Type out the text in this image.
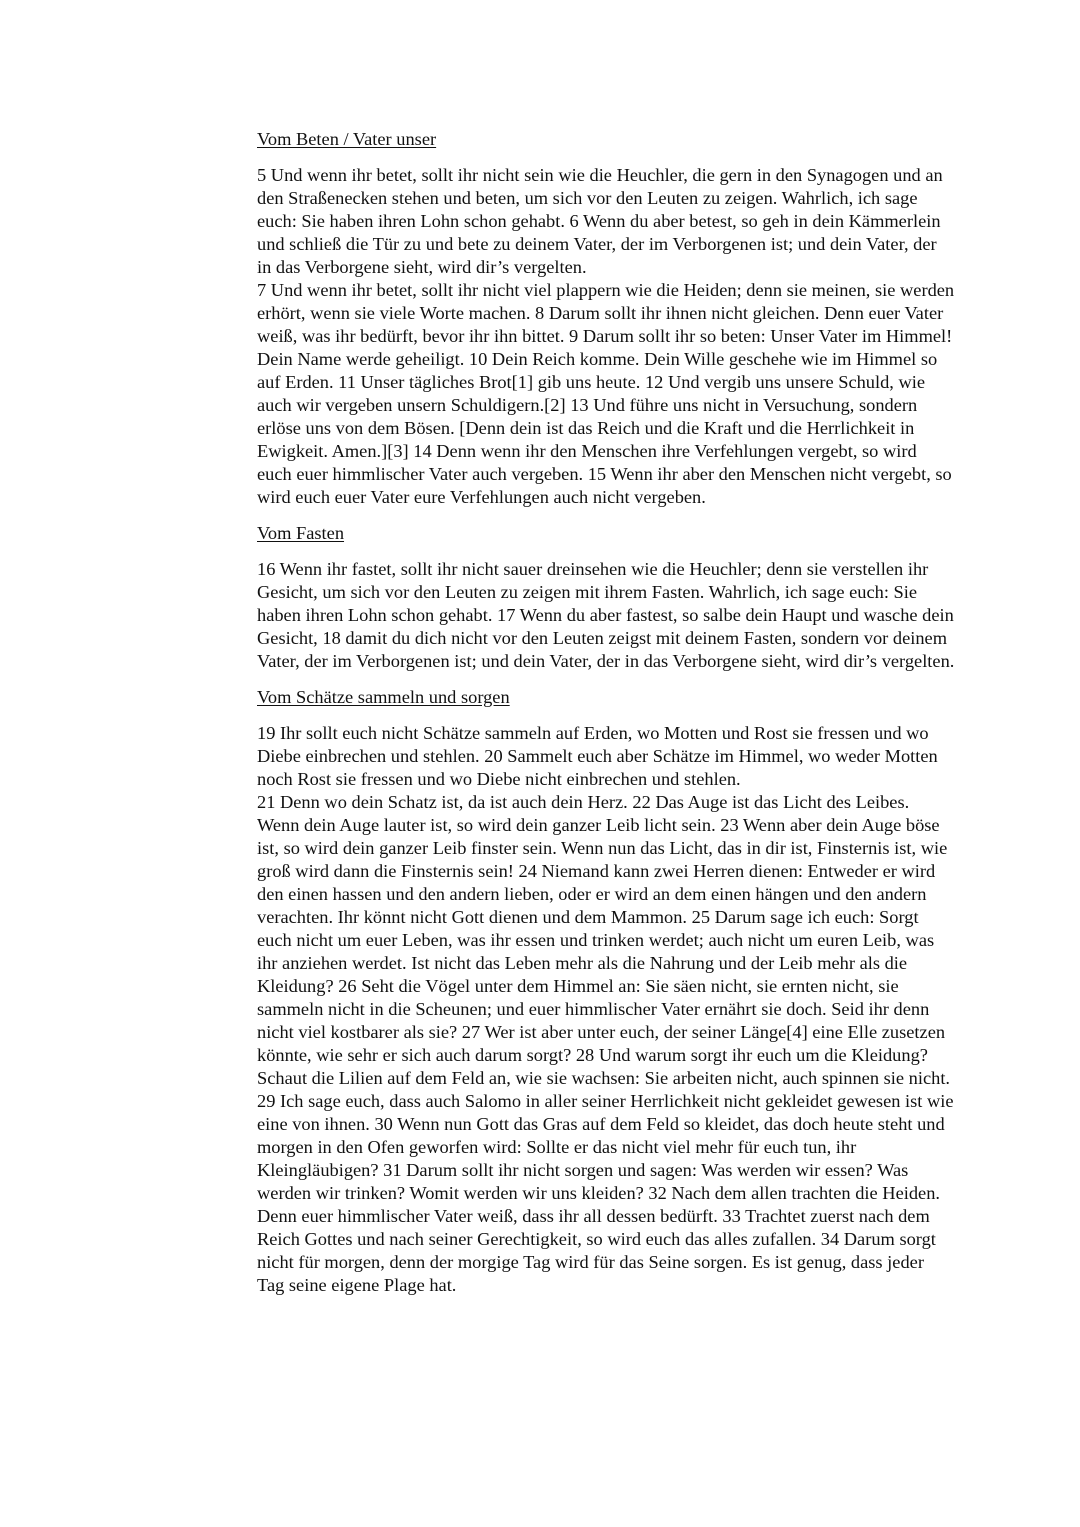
Vom Beten / Vater unser
5 Und wenn ihr betet, sollt ihr nicht sein wie die Heuchler, die gern in den Synagogen und an den Straßenecken stehen und beten, um sich vor den Leuten zu zeigen. Wahrlich, ich sage euch: Sie haben ihren Lohn schon gehabt. 6 Wenn du aber betest, so geh in dein Kämmerlein und schließ die Tür zu und bete zu deinem Vater, der im Verborgenen ist; und dein Vater, der in das Verborgene sieht, wird dir’s vergelten.
7 Und wenn ihr betet, sollt ihr nicht viel plappern wie die Heiden; denn sie meinen, sie werden erhört, wenn sie viele Worte machen. 8 Darum sollt ihr ihnen nicht gleichen. Denn euer Vater weiß, was ihr bedürft, bevor ihr ihn bittet. 9 Darum sollt ihr so beten: Unser Vater im Himmel! Dein Name werde geheiligt. 10 Dein Reich komme. Dein Wille geschehe wie im Himmel so auf Erden. 11 Unser tägliches Brot[1] gib uns heute. 12 Und vergib uns unsere Schuld, wie auch wir vergeben unsern Schuldigern.[2] 13 Und führe uns nicht in Versuchung, sondern erlöse uns von dem Bösen. [Denn dein ist das Reich und die Kraft und die Herrlichkeit in Ewigkeit. Amen.][3] 14 Denn wenn ihr den Menschen ihre Verfehlungen vergebt, so wird euch euer himmlischer Vater auch vergeben. 15 Wenn ihr aber den Menschen nicht vergebt, so wird euch euer Vater eure Verfehlungen auch nicht vergeben.
Vom Fasten
16 Wenn ihr fastet, sollt ihr nicht sauer dreinsehen wie die Heuchler; denn sie verstellen ihr Gesicht, um sich vor den Leuten zu zeigen mit ihrem Fasten. Wahrlich, ich sage euch: Sie haben ihren Lohn schon gehabt. 17 Wenn du aber fastest, so salbe dein Haupt und wasche dein Gesicht, 18 damit du dich nicht vor den Leuten zeigst mit deinem Fasten, sondern vor deinem Vater, der im Verborgenen ist; und dein Vater, der in das Verborgene sieht, wird dir’s vergelten.
Vom Schätze sammeln und sorgen
19 Ihr sollt euch nicht Schätze sammeln auf Erden, wo Motten und Rost sie fressen und wo Diebe einbrechen und stehlen. 20 Sammelt euch aber Schätze im Himmel, wo weder Motten noch Rost sie fressen und wo Diebe nicht einbrechen und stehlen.
21 Denn wo dein Schatz ist, da ist auch dein Herz. 22 Das Auge ist das Licht des Leibes. Wenn dein Auge lauter ist, so wird dein ganzer Leib licht sein. 23 Wenn aber dein Auge böse ist, so wird dein ganzer Leib finster sein. Wenn nun das Licht, das in dir ist, Finsternis ist, wie groß wird dann die Finsternis sein! 24 Niemand kann zwei Herren dienen: Entweder er wird den einen hassen und den andern lieben, oder er wird an dem einen hängen und den andern verachten. Ihr könnt nicht Gott dienen und dem Mammon. 25 Darum sage ich euch: Sorgt euch nicht um euer Leben, was ihr essen und trinken werdet; auch nicht um euren Leib, was ihr anziehen werdet. Ist nicht das Leben mehr als die Nahrung und der Leib mehr als die Kleidung? 26 Seht die Vögel unter dem Himmel an: Sie säen nicht, sie ernten nicht, sie sammeln nicht in die Scheunen; und euer himmlischer Vater ernährt sie doch. Seid ihr denn nicht viel kostbarer als sie? 27 Wer ist aber unter euch, der seiner Länge[4] eine Elle zusetzen könnte, wie sehr er sich auch darum sorgt? 28 Und warum sorgt ihr euch um die Kleidung? Schaut die Lilien auf dem Feld an, wie sie wachsen: Sie arbeiten nicht, auch spinnen sie nicht. 29 Ich sage euch, dass auch Salomo in aller seiner Herrlichkeit nicht gekleidet gewesen ist wie eine von ihnen. 30 Wenn nun Gott das Gras auf dem Feld so kleidet, das doch heute steht und morgen in den Ofen geworfen wird: Sollte er das nicht viel mehr für euch tun, ihr Kleingläubigen? 31 Darum sollt ihr nicht sorgen und sagen: Was werden wir essen? Was werden wir trinken? Womit werden wir uns kleiden? 32 Nach dem allen trachten die Heiden. Denn euer himmlischer Vater weiß, dass ihr all dessen bedürft. 33 Trachtet zuerst nach dem Reich Gottes und nach seiner Gerechtigkeit, so wird euch das alles zufallen. 34 Darum sorgt nicht für morgen, denn der morgige Tag wird für das Seine sorgen. Es ist genug, dass jeder Tag seine eigene Plage hat.
